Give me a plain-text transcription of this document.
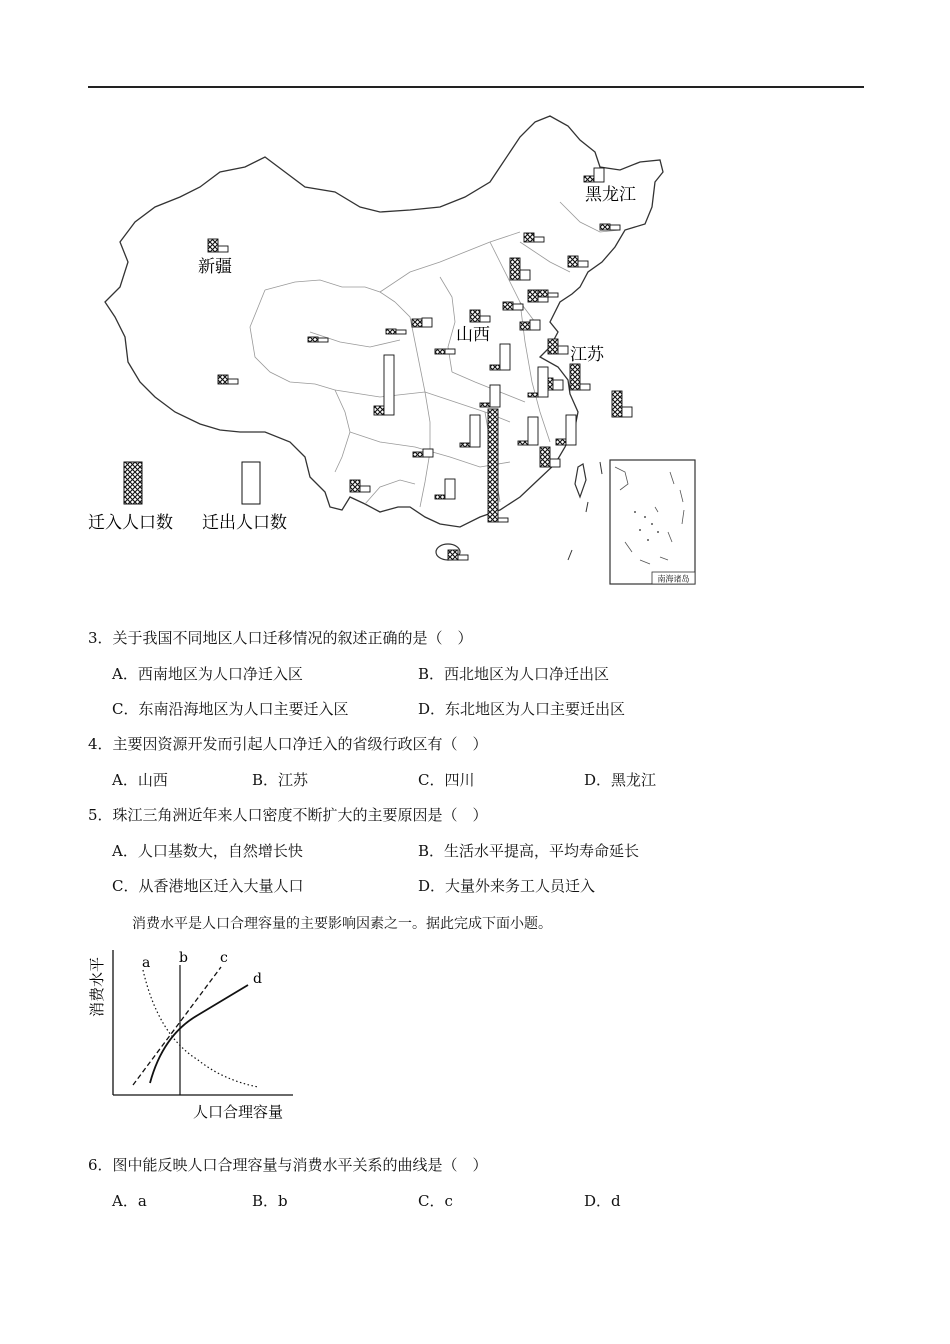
南海诸岛
新疆
黑龙江
山西
江苏
迁入人口数 迁出人口数
3．关于我国不同地区人口迁移情况的叙述正确的是（　）
A．西南地区为人口净迁入区	B．西北地区为人口净迁出区
C．东南沿海地区为人口主要迁入区	D．东北地区为人口主要迁出区
4．主要因资源开发而引起人口净迁入的省级行政区有（　）
A．山西	B．江苏	C．四川	D．黑龙江
5．珠江三角洲近年来人口密度不断扩大的主要原因是（　）
A．人口基数大，自然增长快	B．生活水平提高，平均寿命延长
C．从香港地区迁入大量人口	D．大量外来务工人员迁入
消费水平是人口合理容量的主要影响因素之一。据此完成下面小题。
消费水平	a b c
d
人口合理容量
6．图中能反映人口合理容量与消费水平关系的曲线是（　）
A．a	B．b	C．c	D．d
